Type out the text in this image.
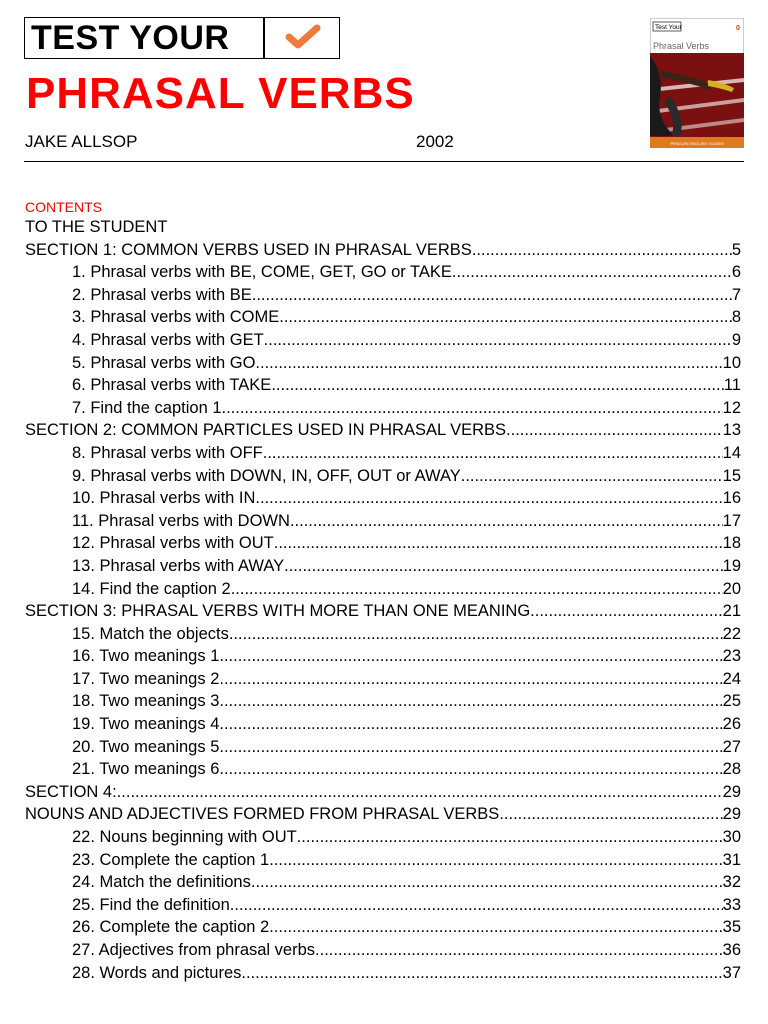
TEST YOUR
PHRASAL VERBS
JAKE ALLSOP	2002
Test Your	0
Phrasal Verbs
PENGUIN ENGLISH GUIDES
CONTENTS
TO THE STUDENT
SECTION 1: COMMON VERBS USED IN PHRASAL VERBS .....	5
1. Phrasal verbs with BE, COME, GET, GO or TAKE .....	6
2. Phrasal verbs with BE .....	7
3. Phrasal verbs with COME .....	8
4. Phrasal verbs with GET .....	9
5. Phrasal verbs with GO .....	10
6. Phrasal verbs with TAKE .....	11
7. Find the caption 1 .....	12
SECTION 2: COMMON PARTICLES USED IN PHRASAL VERBS .....	13
8. Phrasal verbs with OFF .....	14
9. Phrasal verbs with DOWN, IN, OFF, OUT or AWAY .....	15
10. Phrasal verbs with IN .....	16
11. Phrasal verbs with DOWN .....	17
12. Phrasal verbs with OUT .....	18
13. Phrasal verbs with AWAY .....	19
14. Find the caption 2 .....	20
SECTION 3: PHRASAL VERBS WITH MORE THAN ONE MEANING .....	21
15. Match the objects .....	22
16. Two meanings 1 .....	23
17. Two meanings 2 .....	24
18. Two meanings 3 .....	25
19. Two meanings 4 .....	26
20. Two meanings 5 .....	27
21. Two meanings 6 .....	28
SECTION 4: .....	29
NOUNS AND ADJECTIVES FORMED FROM PHRASAL VERBS .....	29
22. Nouns beginning with OUT .....	30
23. Complete the caption 1 .....	31
24. Match the definitions .....	32
25. Find the definition .....	33
26. Complete the caption 2 .....	35
27. Adjectives from phrasal verbs .....	36
28. Words and pictures .....	37
